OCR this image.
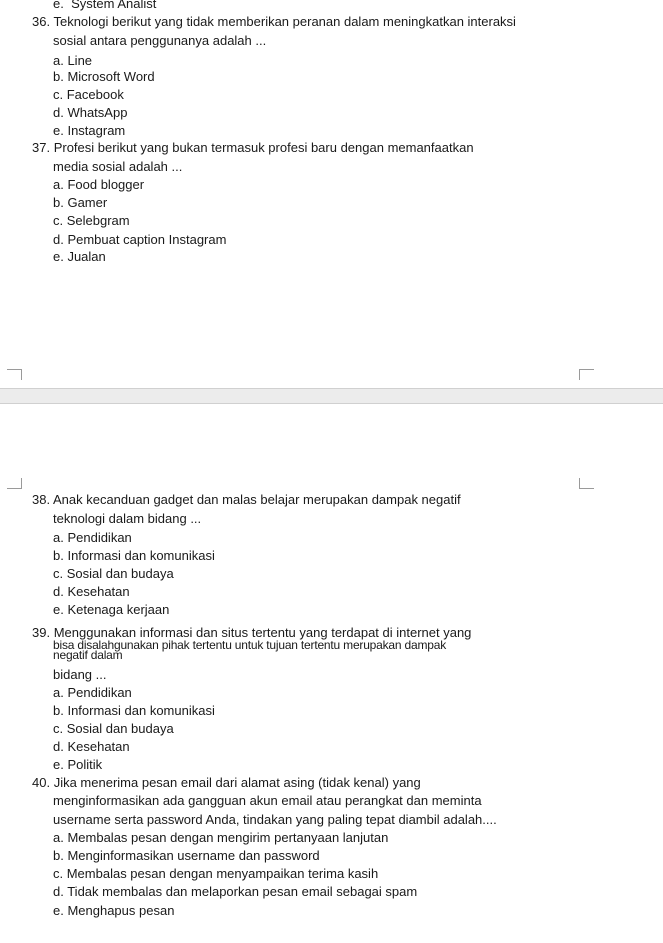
e. System Analist
36. Teknologi berikut yang tidak memberikan peranan dalam meningkatkan interaksi
sosial antara penggunanya adalah ...
a. Line
b. Microsoft Word
c. Facebook
d. WhatsApp
e. Instagram
37. Profesi berikut yang bukan termasuk profesi baru dengan memanfaatkan
media sosial adalah ...
a. Food blogger
b. Gamer
c. Selebgram
d. Pembuat caption Instagram
e. Jualan
38. Anak kecanduan gadget dan malas belajar merupakan dampak negatif
teknologi dalam bidang ...
a. Pendidikan
b. Informasi dan komunikasi
c. Sosial dan budaya
d. Kesehatan
e. Ketenaga kerjaan
39. Menggunakan informasi dan situs tertentu yang terdapat di internet yang
bisa disalahgunakan pihak tertentu untuk tujuan tertentu merupakan dampak
negatif dalam
bidang ...
a. Pendidikan
b. Informasi dan komunikasi
c. Sosial dan budaya
d. Kesehatan
e. Politik
40. Jika menerima pesan email dari alamat asing (tidak kenal) yang
menginformasikan ada gangguan akun email atau perangkat dan meminta
username serta password Anda, tindakan yang paling tepat diambil adalah....
a. Membalas pesan dengan mengirim pertanyaan lanjutan
b. Menginformasikan username dan password
c. Membalas pesan dengan menyampaikan terima kasih
d. Tidak membalas dan melaporkan pesan email sebagai spam
e. Menghapus pesan
